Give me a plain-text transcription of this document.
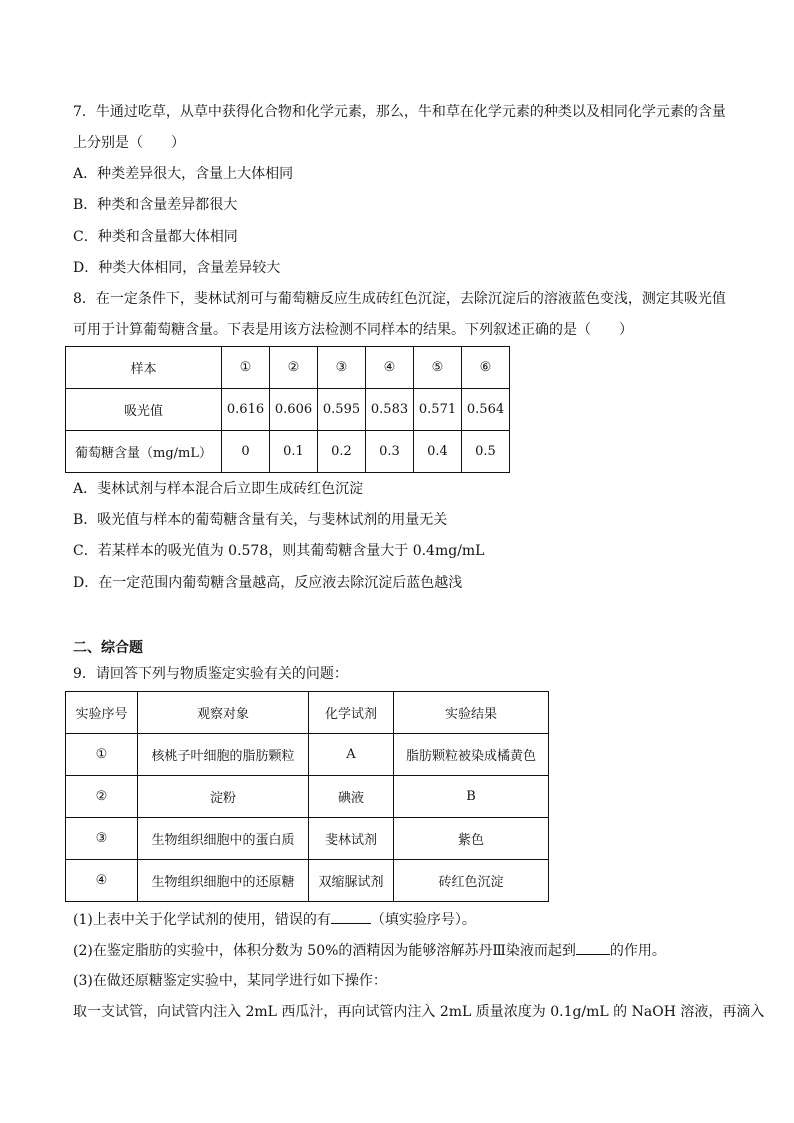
7．牛通过吃草，从草中获得化合物和化学元素，那么，牛和草在化学元素的种类以及相同化学元素的含量
上分别是（　　）
A．种类差异很大，含量上大体相同
B．种类和含量差异都很大
C．种类和含量都大体相同
D．种类大体相同，含量差异较大
8．在一定条件下，斐林试剂可与葡萄糖反应生成砖红色沉淀，去除沉淀后的溶液蓝色变浅，测定其吸光值
可用于计算葡萄糖含量。下表是用该方法检测不同样本的结果。下列叙述正确的是（　　）
样本	①	②	③	④	⑤	⑥
吸光值	0.616	0.606	0.595	0.583	0.571	0.564
葡萄糖含量（mg/mL）	0	0.1	0.2	0.3	0.4	0.5
A．斐林试剂与样本混合后立即生成砖红色沉淀
B．吸光值与样本的葡萄糖含量有关，与斐林试剂的用量无关
C．若某样本的吸光值为 0.578，则其葡萄糖含量大于 0.4mg/mL
D．在一定范围内葡萄糖含量越高，反应液去除沉淀后蓝色越浅
二、综合题
9．请回答下列与物质鉴定实验有关的问题：
实验序号	观察对象	化学试剂	实验结果
①	核桃子叶细胞的脂肪颗粒	A	脂肪颗粒被染成橘黄色
②	淀粉	碘液	B
③	生物组织细胞中的蛋白质	斐林试剂	紫色
④	生物组织细胞中的还原糖	双缩脲试剂	砖红色沉淀
(1)上表中关于化学试剂的使用，错误的有	（填实验序号）。
(2)在鉴定脂肪的实验中，体积分数为 50%的酒精因为能够溶解苏丹Ⅲ染液而起到 的作用。
(3)在做还原糖鉴定实验中，某同学进行如下操作：
取一支试管，向试管内注入 2mL 西瓜汁，再向试管内注入 2mL 质量浓度为 0.1g/mL 的 NaOH 溶液，再滴入
